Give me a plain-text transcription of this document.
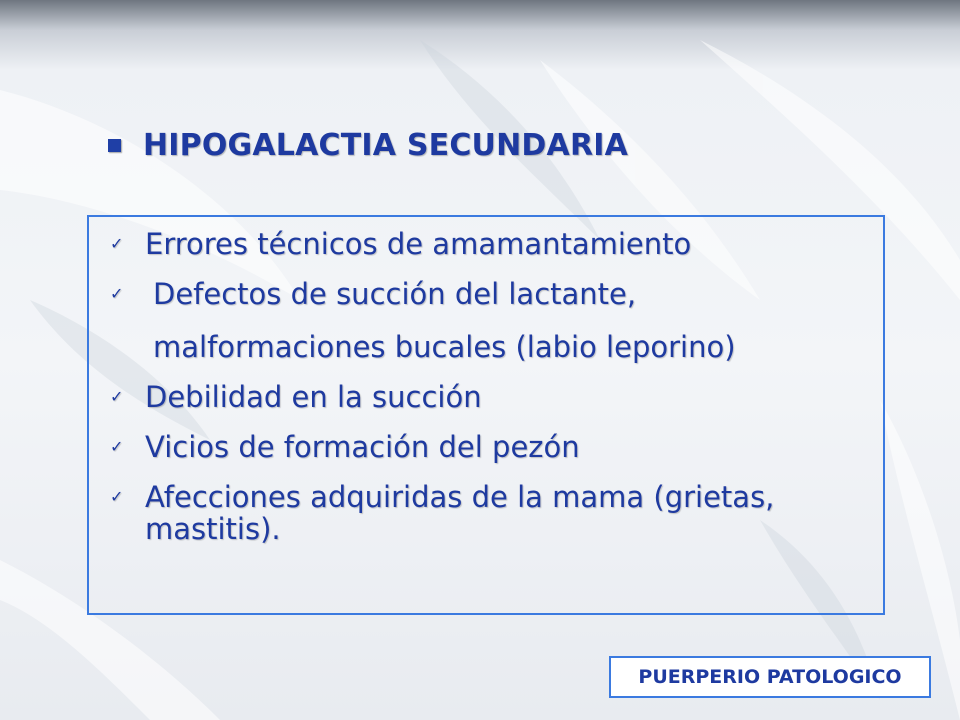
HIPOGALACTIA SECUNDARIA
✓ Errores técnicos de amamantamiento
✓ Defectos de succión del lactante,
malformaciones bucales (labio leporino)
✓ Debilidad en la succión
✓ Vicios de formación del pezón
✓ Afecciones adquiridas de la mama (grietas, mastitis).
PUERPERIO PATOLOGICO
